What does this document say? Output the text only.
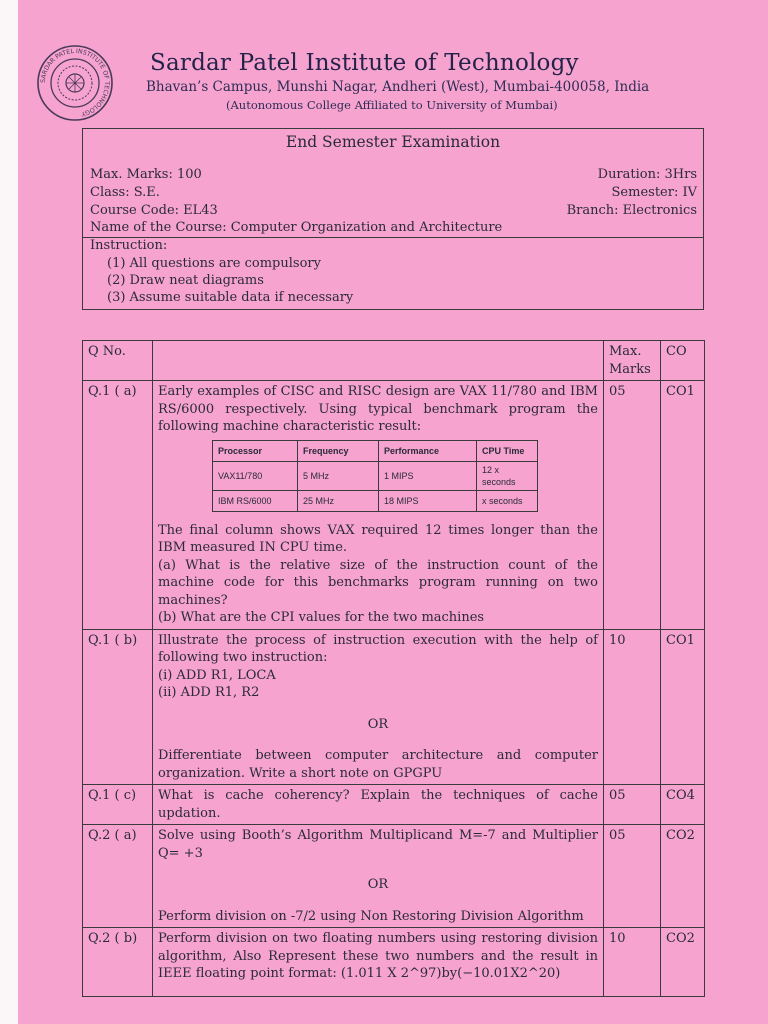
SARDAR PATEL INSTITUTE OF TECHNOLOGY
Sardar Patel Institute of Technology
Bhavan’s Campus, Munshi Nagar, Andheri (West), Mumbai-400058, India
(Autonomous College Affiliated to University of Mumbai)
End Semester Examination
Max. Marks: 100	Duration: 3Hrs
Class: S.E.	Semester: IV
Course Code: EL43	Branch: Electronics
Name of the Course: Computer Organization and Architecture
Instruction:
(1) All questions are compulsory
(2) Draw neat diagrams
(3) Assume suitable data if necessary
Q No.		Max. Marks	CO
Q.1 ( a)	Early examples of CISC and RISC design are VAX 11/780 and IBM RS/6000 respectively. Using typical benchmark program the following machine characteristic result:
Processor	Frequency	Performance	CPU Time
VAX11/780	5 MHz	1 MIPS	12 x seconds
IBM RS/6000	25 MHz	18 MIPS	x seconds
The final column shows VAX required 12 times longer than the IBM measured IN CPU time.
(a) What is the relative size of the instruction count of the machine code for this benchmarks program running on two machines?
(b) What are the CPI values for the two machines
	05	CO1
Q.1 ( b)	Illustrate the process of instruction execution with the help of following two instruction:
(i) ADD R1, LOCA
(ii) ADD R1, R2
OR
Differentiate between computer architecture and computer organization. Write a short note on GPGPU
	10	CO1
Q.1 ( c)	What is cache coherency? Explain the techniques of cache updation.
	05	CO4
Q.2 ( a)	Solve using Booth’s Algorithm Multiplicand M=-7 and Multiplier Q= +3
OR
Perform division on -7/2 using Non Restoring Division Algorithm
	05	CO2
Q.2 ( b)	Perform division on two floating numbers using restoring division algorithm, Also Represent these two numbers and the result in IEEE floating point format: (1.011 X 2^97)by(−10.01X2^20)
	10	CO2
